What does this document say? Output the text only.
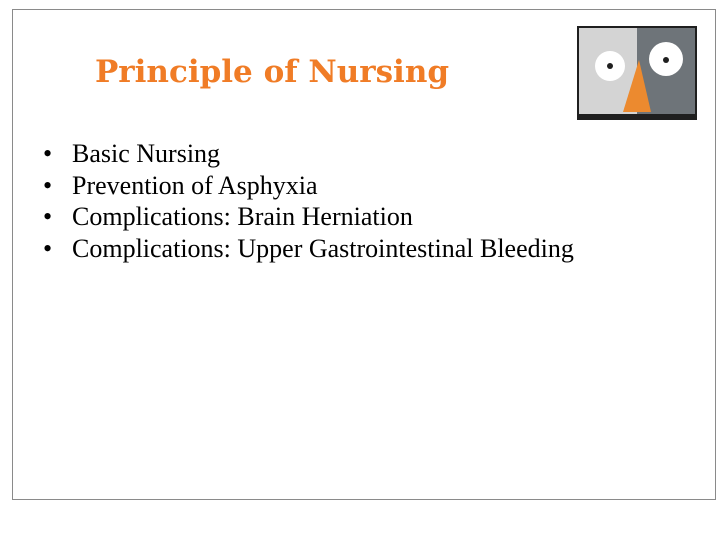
Principle of Nursing
• Basic Nursing
• Prevention of Asphyxia
• Complications: Brain Herniation
• Complications: Upper Gastrointestinal Bleeding
